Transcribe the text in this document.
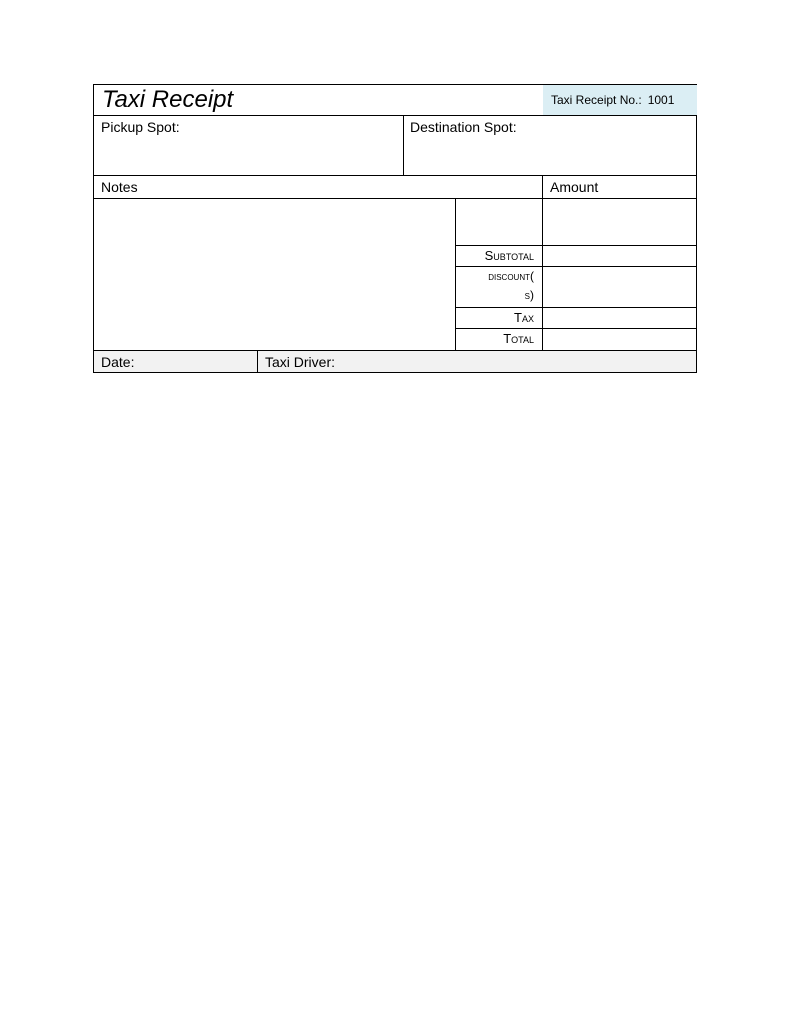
Taxi Receipt	Taxi Receipt No.: 1001
Pickup Spot:	Destination Spot:
Notes	Amount
Subtotal
discount(
s)
Tax
Total
Date:	Taxi Driver:
